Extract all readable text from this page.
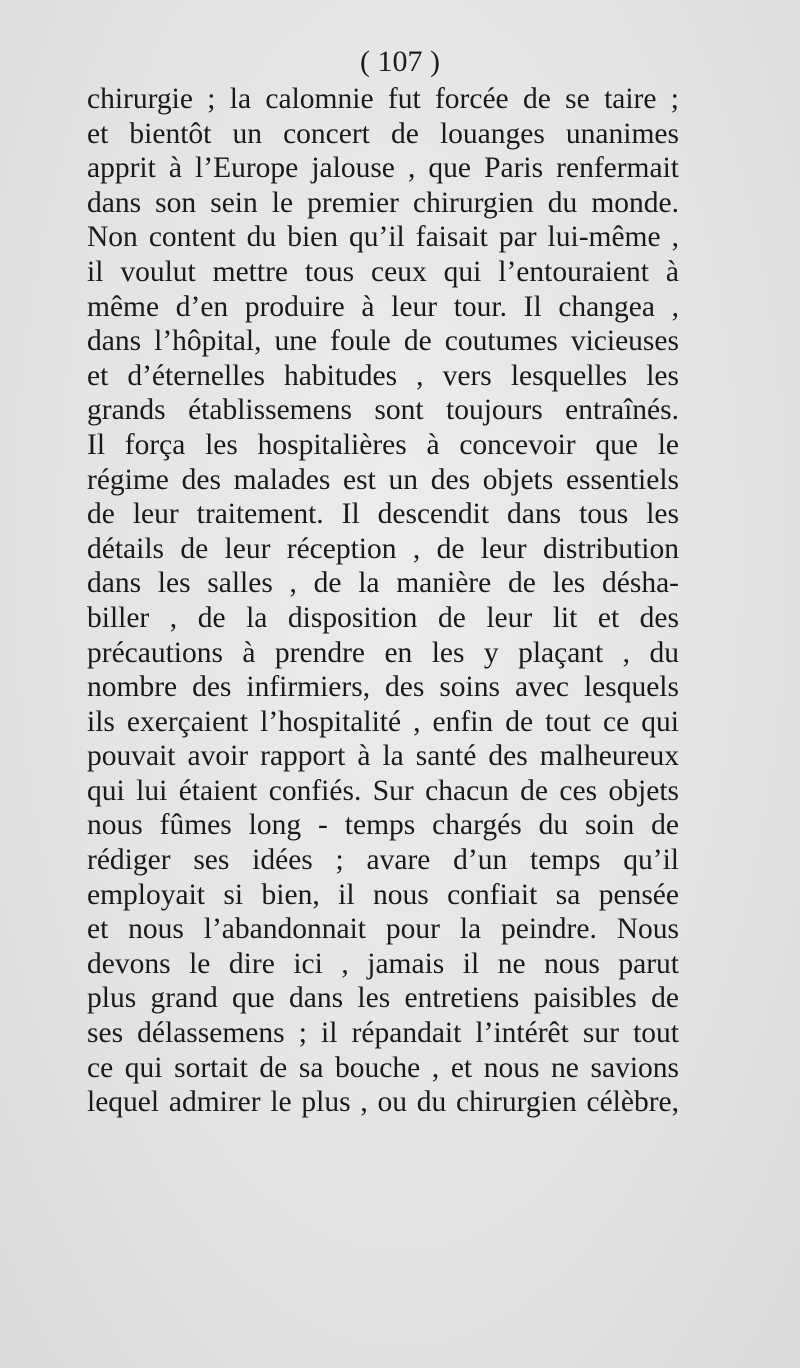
( 107 )
chirurgie ; la calomnie fut forcée de se taire ;
et bientôt un concert de louanges unanimes
apprit à l’Europe jalouse , que Paris renfermait
dans son sein le premier chirurgien du monde.
Non content du bien qu’il faisait par lui-même ,
il voulut mettre tous ceux qui l’entouraient à
même d’en produire à leur tour. Il changea ,
dans l’hôpital, une foule de coutumes vicieuses
et d’éternelles habitudes , vers lesquelles les
grands établissemens sont toujours entraînés.
Il força les hospitalières à concevoir que le
régime des malades est un des objets essentiels
de leur traitement. Il descendit dans tous les
détails de leur réception , de leur distribution
dans les salles , de la manière de les désha-
biller , de la disposition de leur lit et des
précautions à prendre en les y plaçant , du
nombre des infirmiers, des soins avec lesquels
ils exerçaient l’hospitalité , enfin de tout ce qui
pouvait avoir rapport à la santé des malheureux
qui lui étaient confiés. Sur chacun de ces objets
nous fûmes long - temps chargés du soin de
rédiger ses idées ; avare d’un temps qu’il
employait si bien, il nous confiait sa pensée
et nous l’abandonnait pour la peindre. Nous
devons le dire ici , jamais il ne nous parut
plus grand que dans les entretiens paisibles de
ses délassemens ; il répandait l’intérêt sur tout
ce qui sortait de sa bouche , et nous ne savions
lequel admirer le plus , ou du chirurgien célèbre,
